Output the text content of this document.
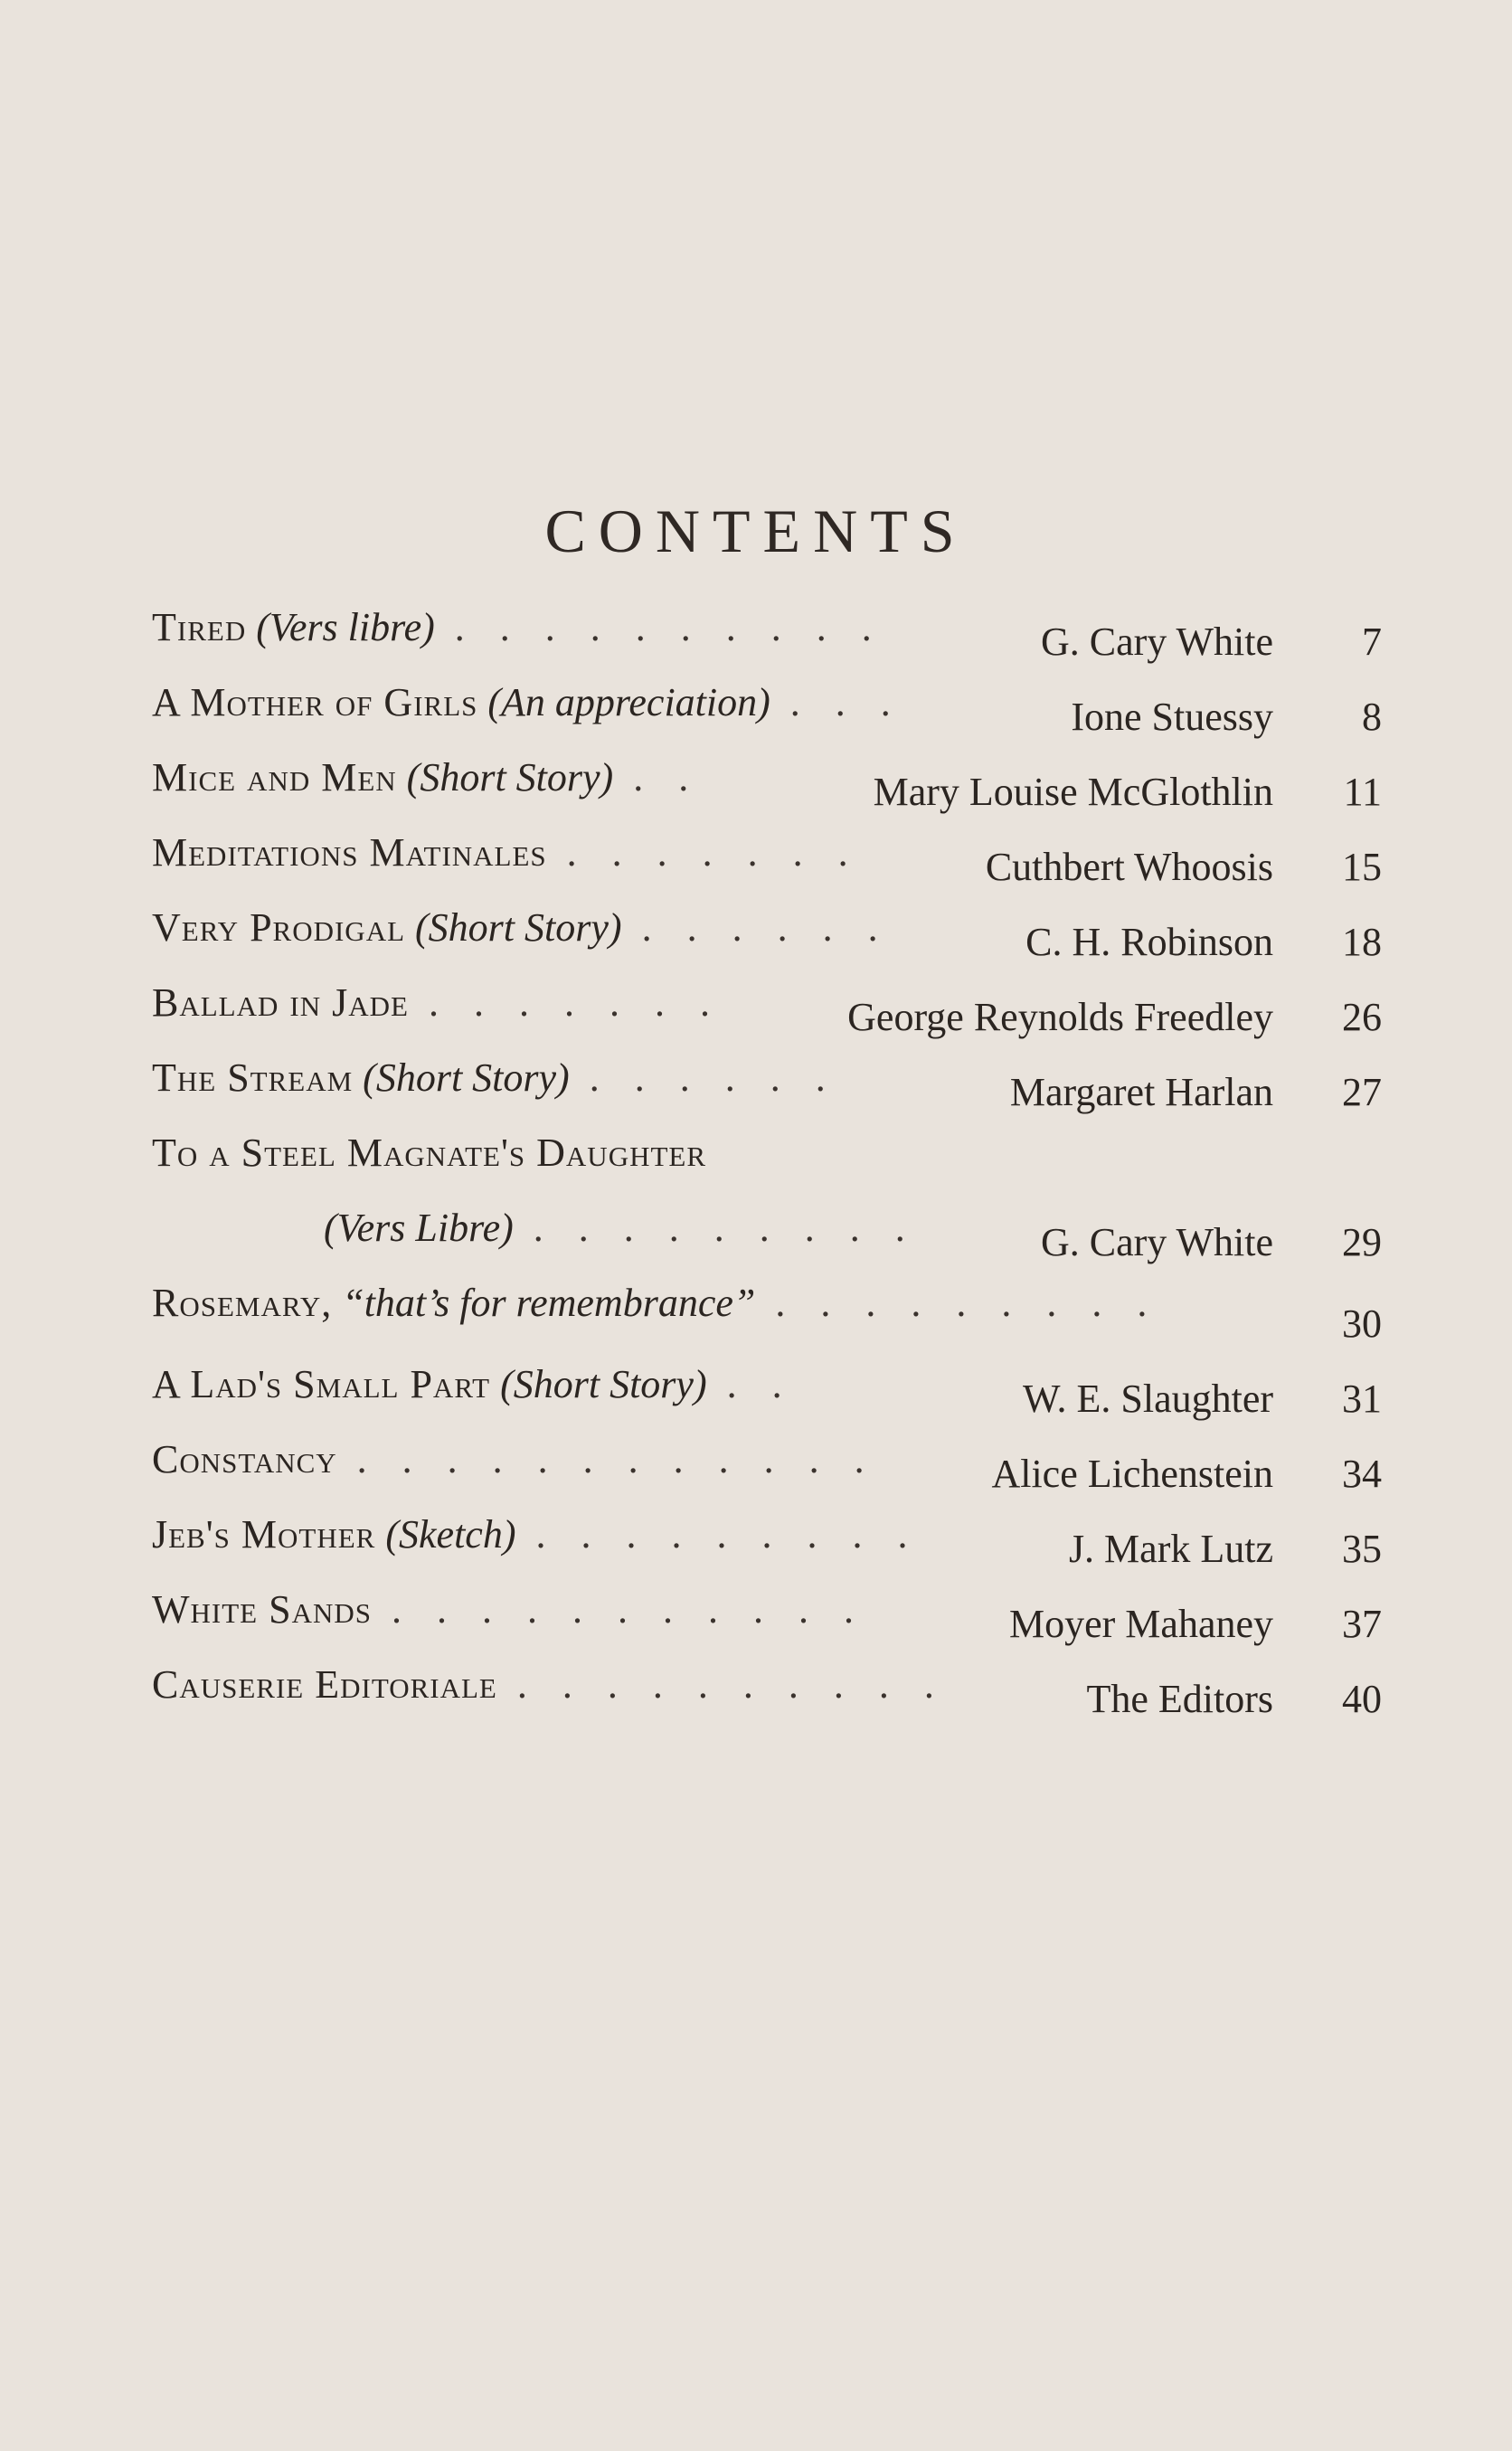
CONTENTS
Tired (Vers libre) . . . . . . . . . .	G. Cary White	7
A Mother of Girls (An appreciation) . . .	Ione Stuessy	8
Mice and Men (Short Story) . .	Mary Louise McGlothlin	11
Meditations Matinales . . . . . . .	Cuthbert Whoosis	15
Very Prodigal (Short Story) . . . . . .	C. H. Robinson	18
Ballad in Jade . . . . . . .	George Reynolds Freedley	26
The Stream (Short Story) . . . . . .	Margaret Harlan	27
To a Steel Magnate's Daughter
(Vers Libre) . . . . . . . . .	G. Cary White	29
Rosemary, “that’s for remembrance” . . . . . . . . .	30
A Lad's Small Part (Short Story) . .	W. E. Slaughter	31
Constancy . . . . . . . . . . . .	Alice Lichenstein	34
Jeb's Mother (Sketch) . . . . . . . . .	J. Mark Lutz	35
White Sands . . . . . . . . . . .	Moyer Mahaney	37
Causerie Editoriale . . . . . . . . . .	The Editors	40
